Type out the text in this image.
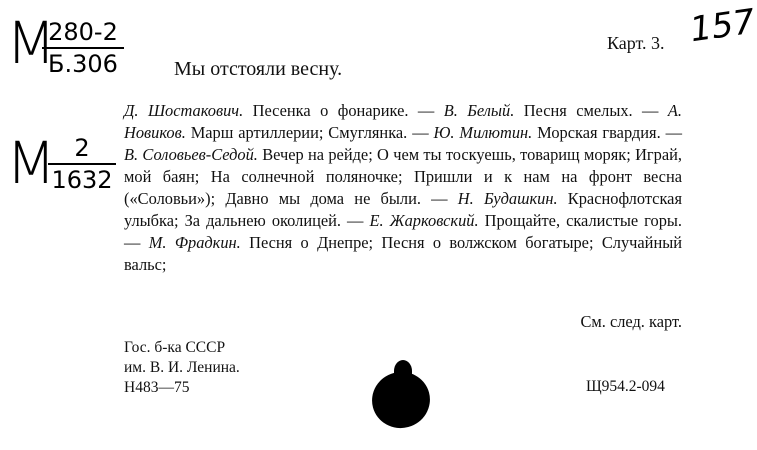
M
280-2
Б.306
M 2
1632
Карт. 3. 157
Мы отстояли весну.
Д. Шостакович. Песенка о фонарике. — В. Белый. Песня смелых. — А. Новиков. Марш артиллерии; Смуглянка. — Ю. Милютин. Морская гвардия. — В. Соловьев-Седой. Вечер на рейде; О чем ты тоскуешь, товарищ моряк; Играй, мой баян; На солнечной поляночке; Пришли и к нам на фронт весна («Соловьи»); Давно мы дома не были. — Н. Будашкин. Краснофлотская улыбка; За дальнею околицей. — Е. Жарковский. Прощайте, скалистые горы. — М. Фрадкин. Песня о Днепре; Песня о волжском богатыре; Случайный вальс;
См. след. карт.
Гос. б-ка СССР
им. В. И. Ленина.
Н483—75	Щ954.2-094
